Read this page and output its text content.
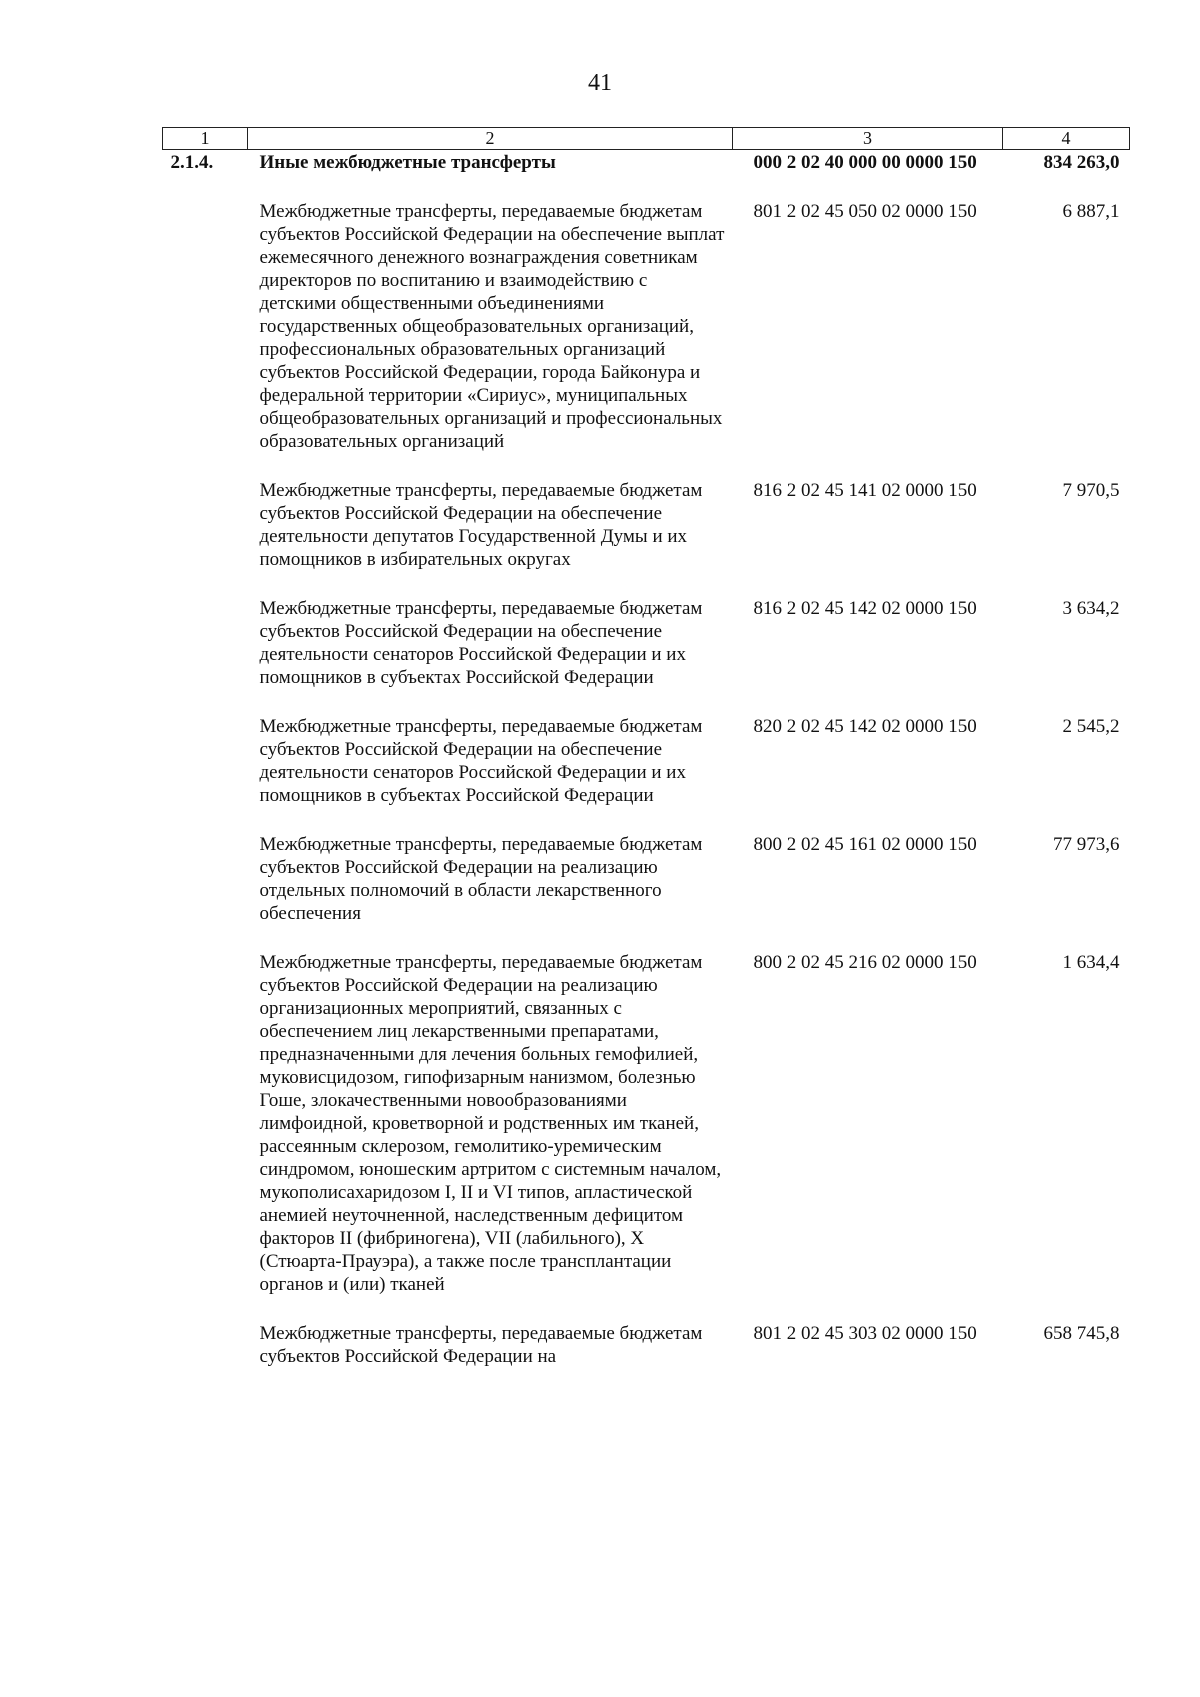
41
1	2	3	4
2.1.4.	Иные межбюджетные трансферты	000 2 02 40 000 00 0000 150	834 263,0
	Межбюджетные трансферты, передаваемые бюджетам субъектов Российской Федерации на обеспечение выплат ежемесячного денежного вознаграждения советникам директоров по воспитанию и взаимодействию с детскими общественными объединениями государственных общеобразовательных организаций, профессиональных образовательных организаций субъектов Российской Федерации, города Байконура и федеральной территории «Сириус», муниципальных общеобразовательных организаций и профессиональных образовательных организаций	801 2 02 45 050 02 0000 150	6 887,1
	Межбюджетные трансферты, передаваемые бюджетам субъектов Российской Федерации на обеспечение деятельности депутатов Государственной Думы и их помощников в избирательных округах	816 2 02 45 141 02 0000 150	7 970,5
	Межбюджетные трансферты, передаваемые бюджетам субъектов Российской Федерации на обеспечение деятельности сенаторов Российской Федерации и их помощников в субъектах Российской Федерации	816 2 02 45 142 02 0000 150	3 634,2
	Межбюджетные трансферты, передаваемые бюджетам субъектов Российской Федерации на обеспечение деятельности сенаторов Российской Федерации и их помощников в субъектах Российской Федерации	820 2 02 45 142 02 0000 150	2 545,2
	Межбюджетные трансферты, передаваемые бюджетам субъектов Российской Федерации на реализацию отдельных полномочий в области лекарственного обеспечения	800 2 02 45 161 02 0000 150	77 973,6
	Межбюджетные трансферты, передаваемые бюджетам субъектов Российской Федерации на реализацию организационных мероприятий, связанных с обеспечением лиц лекарственными препаратами, предназначенными для лечения больных гемофилией, муковисцидозом, гипофизарным нанизмом, болезнью Гоше, злокачественными новообразованиями лимфоидной, кроветворной и родственных им тканей, рассеянным склерозом, гемолитико-уремическим синдромом, юношеским артритом с системным началом, мукополисахаридозом I, II и VI типов, апластической анемией неуточненной, наследственным дефицитом факторов II (фибриногена), VII (лабильного), X (Стюарта-Прауэра), а также после трансплантации органов и (или) тканей	800 2 02 45 216 02 0000 150	1 634,4
	Межбюджетные трансферты, передаваемые бюджетам субъектов Российской Федерации на	801 2 02 45 303 02 0000 150	658 745,8
